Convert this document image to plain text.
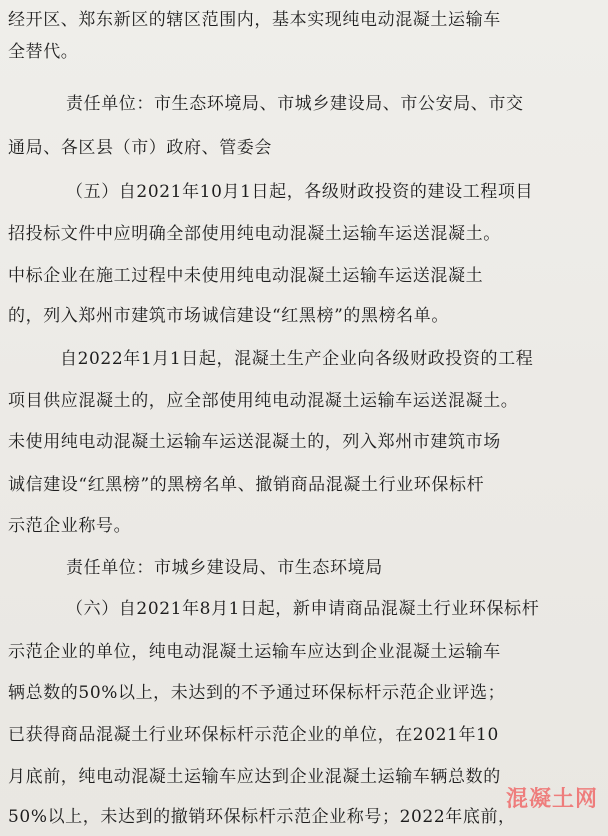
经开区、郑东新区的辖区范围内，基本实现纯电动混凝土运输车
全替代。
责任单位：市生态环境局、市城乡建设局、市公安局、市交
通局、各区县（市）政府、管委会
（五）自2021年10月1日起，各级财政投资的建设工程项目
招投标文件中应明确全部使用纯电动混凝土运输车运送混凝土。
中标企业在施工过程中未使用纯电动混凝土运输车运送混凝土
的，列入郑州市建筑市场诚信建设“红黑榜”的黑榜名单。
自2022年1月1日起，混凝土生产企业向各级财政投资的工程
项目供应混凝土的，应全部使用纯电动混凝土运输车运送混凝土。
未使用纯电动混凝土运输车运送混凝土的，列入郑州市建筑市场
诚信建设“红黑榜”的黑榜名单、撤销商品混凝土行业环保标杆
示范企业称号。
责任单位：市城乡建设局、市生态环境局
（六）自2021年8月1日起，新申请商品混凝土行业环保标杆
示范企业的单位，纯电动混凝土运输车应达到企业混凝土运输车
辆总数的50%以上，未达到的不予通过环保标杆示范企业评选；
已获得商品混凝土行业环保标杆示范企业的单位，在2021年10
月底前，纯电动混凝土运输车应达到企业混凝土运输车辆总数的
50%以上，未达到的撤销环保标杆示范企业称号；2022年底前，
混凝土网
